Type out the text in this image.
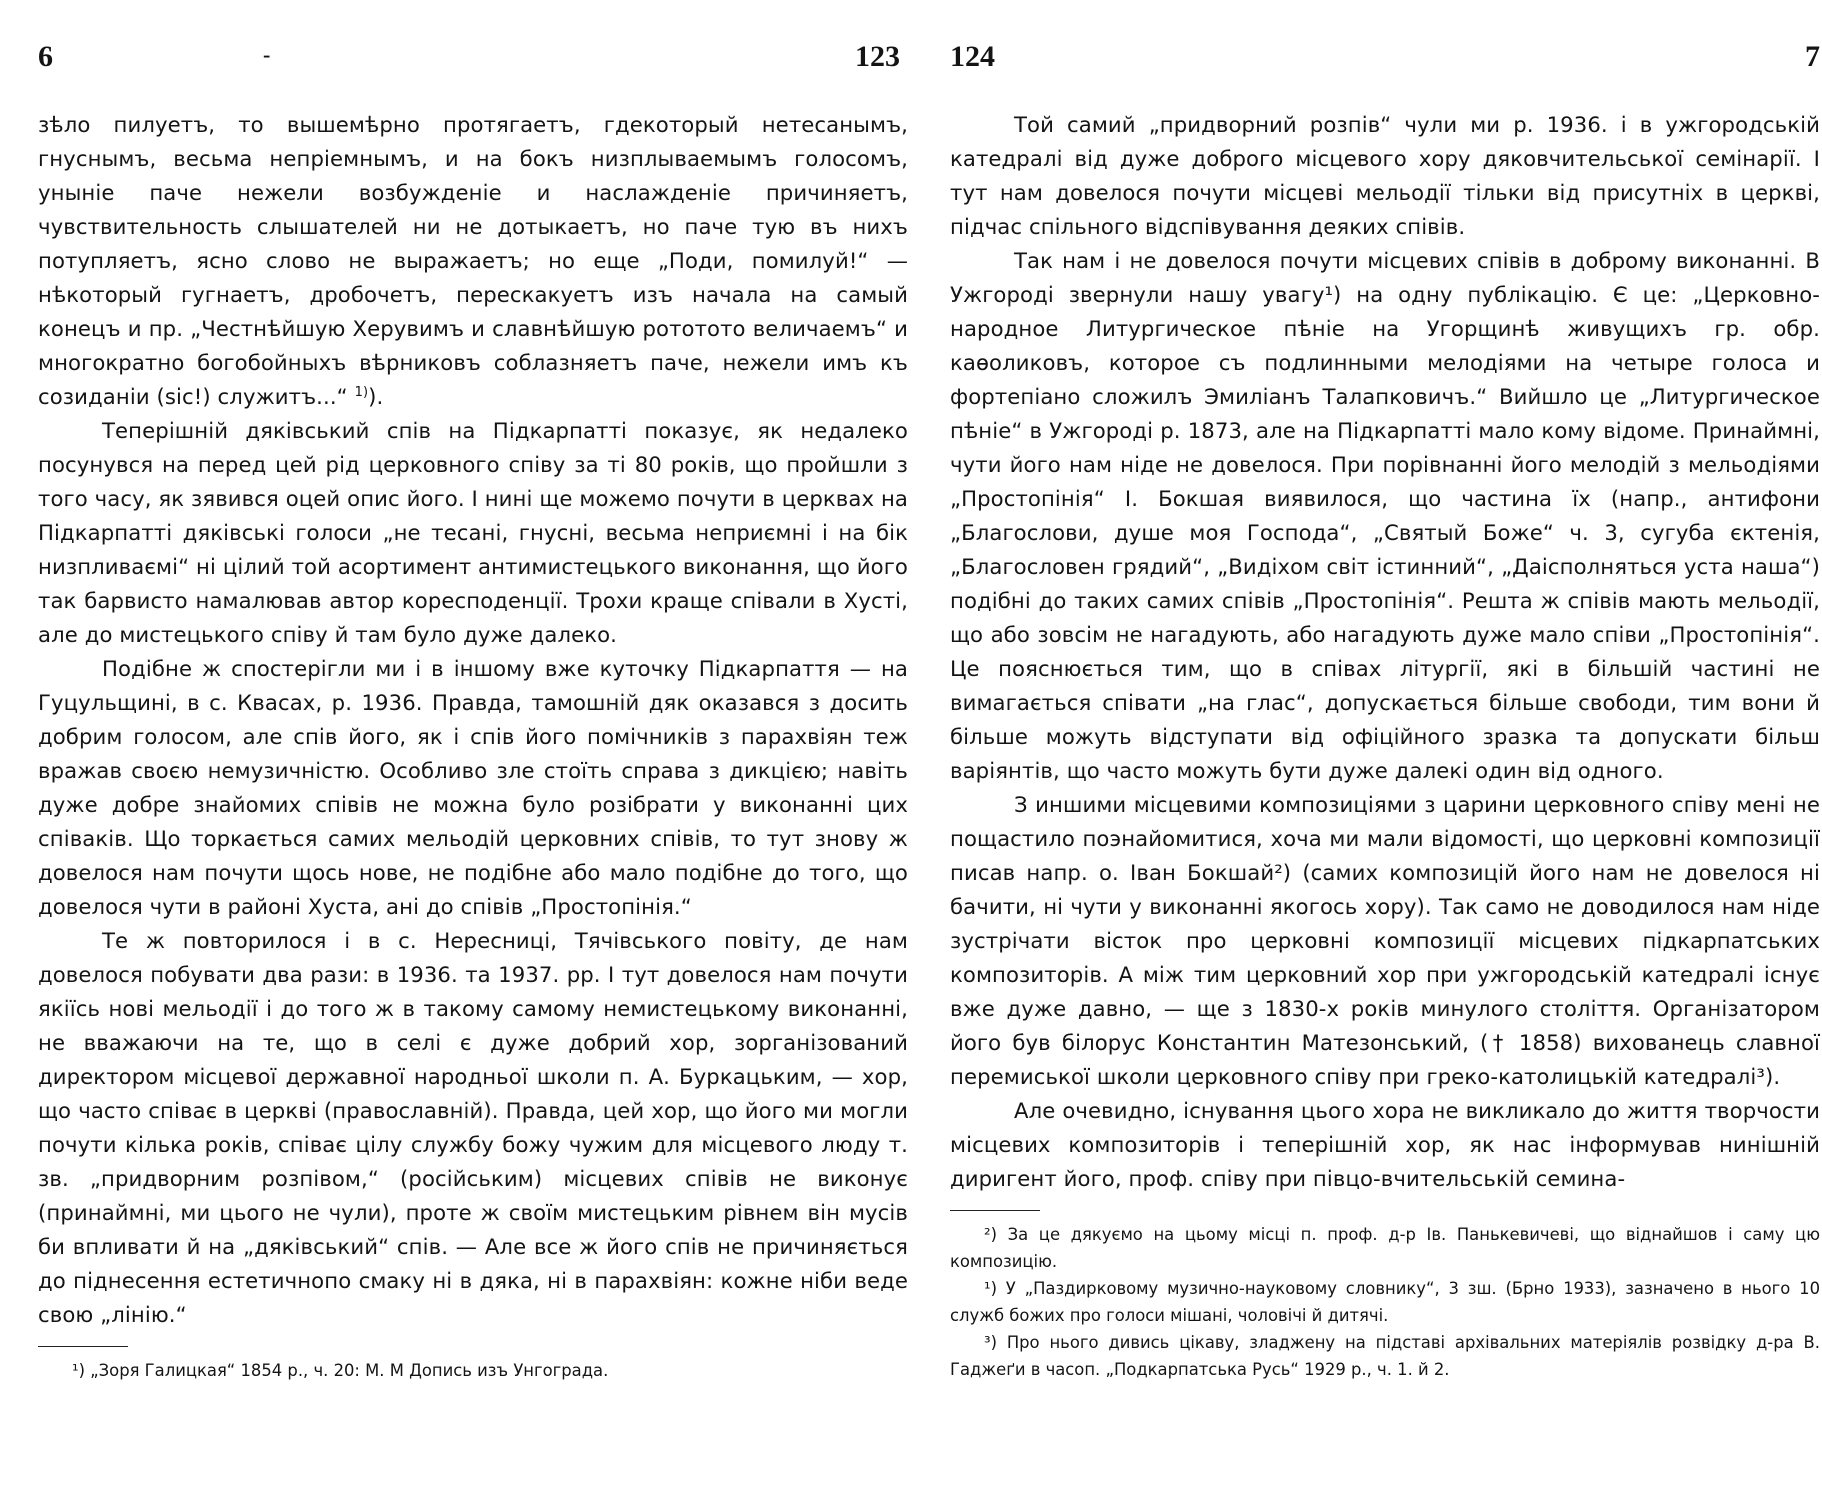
6	-	123

зѣло пилуетъ, то вышемѣрно протягаетъ, гдекоторый нетесанымъ, гнуснымъ, весьма непріемнымъ, и на бокъ низплываемымъ голосомъ, уныніе паче нежели возбужденіе и наслажденіе причиняетъ, чувствительность слышателей ни не дотыкаетъ, но паче тую въ нихъ потупляетъ, ясно слово не выражаетъ; но еще „Поди, помилуй!“ — нѣкоторый гугнаетъ, дробочетъ, перескакуетъ изъ начала на самый конецъ и пр. „Честнѣйшую Херувимъ и славнѣйшую рототото величаемъ“ и многократно богобойныхъ вѣрниковъ соблазняетъ паче, нежели имъ къ созиданіи (sic!) служитъ...“ $^{1)}$).

Теперішній дяківський спів на Підкарпатті показує, як недалеко посунувся на перед цей рід церковного співу за ті 80 років, що пройшли з того часу, як зявився оцей опис його. І нині ще можемо почути в церквах на Підкарпатті дяківські голоси „не тесані, гнусні, весьма неприємні і на бік низпливаємі“ ні цілий той асортимент антимистецького виконання, що його так барвисто намалював автор коресподенції. Трохи краще співали в Хусті, але до мистецького співу й там було дуже далеко.

Подібне ж спостерігли ми і в іншому вже куточку Підкарпаття — на Гуцульщині, в с. Квасах, р. 1936. Правда, тамошній дяк оказався з досить добрим голосом, але спів його, як і спів його помічників з парахвіян теж вражав своєю немузичністю. Особливо зле стоїть справа з дикцією; навіть дуже добре знайомих співів не можна було розібрати у виконанні цих співаків. Що торкається самих мельодій церковних співів, то тут знову ж довелося нам почути щось нове, не подібне або мало подібне до того, що довелося чути в районі Хуста, ані до співів „Простопінія.“

Те ж повторилося і в с. Нересниці, Тячівського повіту, де нам довелося побувати два рази: в 1936. та 1937. рр. І тут довелося нам почути якіїсь нові мельодії і до того ж в такому самому немистецькому виконанні, не вважаючи на те, що в селі є дуже добрий хор, зорганізований директором місцевої державної народньої школи п. А. Буркацьким, — хор, що часто співає в церкві (православній). Правда, цей хор, що його ми могли почути кілька років, співає цілу службу божу чужим для місцевого люду т. зв. „придворним розпівом,“ (російським) місцевих співів не виконує (принаймні, ми цього не чули), проте ж своїм мистецьким рівнем він мусів би впливати й на „дяківський“ спів. — Але все ж його спів не причиняється до піднесення естетичнопо смаку ні в дяка, ні в парахвіян: кожне ніби веде свою „лінію.“

¹) „Зоря Галицкая“ 1854 р., ч. 20: М. М Допись изъ Унгограда.

124	7

Той самий „придворний розпів“ чули ми р. 1936. і в ужгородській катедралі від дуже доброго місцевого хору дяковчительської семінарії. І тут нам довелося почути місцеві мельодії тільки від присутніх в церкві, підчас спільного відспівування деяких співів.

Так нам і не довелося почути місцевих співів в доброму виконанні. В Ужгороді звернули нашу увагу¹) на одну публікацію. Є це: „Церковно-народное Литургическое пѣніе на Угорщинѣ живущихъ гр. обр. каѳоликовъ, которое съ подлинными мелодіями на четыре голоса и фортепіано сложилъ Эмиліанъ Талапковичъ.“ Вийшло це „Литургическое пѣніе“ в Ужгороді р. 1873, але на Підкарпатті мало кому відоме. Принаймні, чути його нам ніде не довелося. При порівнанні його мелодій з мельодіями „Простопінія“ І. Бокшая виявилося, що частина їх (напр., антифони „Благослови, душе моя Господа“, „Святый Боже“ ч. 3, сугуба єктенія, „Благословен грядий“, „Видіхом світ істинний“, „Даісполняться уста наша“) подібні до таких самих співів „Простопінія“. Решта ж співів мають мельодії, що або зовсім не нагадують, або нагадують дуже мало співи „Простопінія“. Це пояснюється тим, що в співах літургії, які в більшій частині не вимагається співати „на глас“, допускається більше свободи, тим вони й більше можуть відступати від офіційного зразка та допускати більш варіянтів, що часто можуть бути дуже далекі один від одного.

З иншими місцевими композиціями з царини церковного співу мені не пощастило поэнайомитися, хоча ми мали відомості, що церковні композиції писав напр. о. Іван Бокшай²) (самих композицій його нам не довелося ні бачити, ні чути у виконанні якогось хору). Так само не доводилося нам ніде зустрічати вісток про церковні композиції місцевих підкарпатських композиторів. А між тим церковний хор при ужгородській катедралі існує вже дуже давно, — ще з 1830-х років минулого століття. Організатором його був білорус Константин Матезонський, († 1858) вихованець славної перемиської школи церковного співу при греко-католицькій катедралі³).

Але очевидно, існування цього хора не викликало до життя творчости місцевих композиторів і теперішній хор, як нас інформував нинішній диригент його, проф. співу при півцо-вчительській семина-

²) За це дякуємо на цьому місці п. проф. д-р Ів. Панькевичеві, що віднайшов і саму цю композицію.

¹) У „Паздирковому музично-науковому словнику“, 3 зш. (Брно 1933), зазначено в нього 10 служб божих про голоси мішані, чоловічі й дитячі.

³) Про нього дивись цікаву, зладжену на підставі архівальних матеріялів розвідку д-ра В. Гаджеґи в часоп. „Подкарпатська Русь“ 1929 р., ч. 1. й 2.
